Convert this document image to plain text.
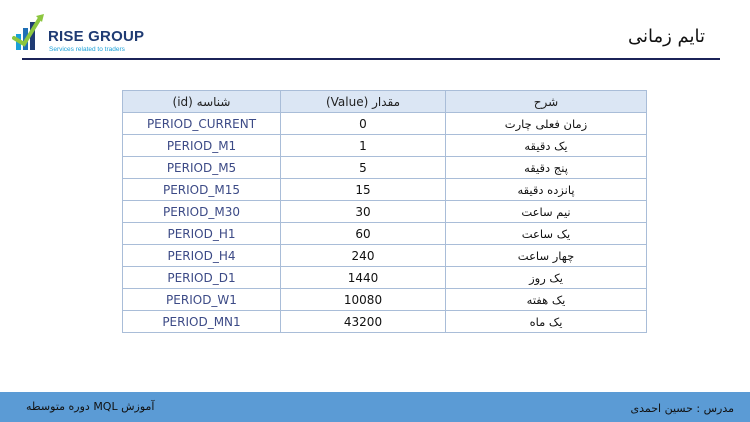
RISE GROUP
Services related to traders
تایم زمانی
شناسه (id)	مقدار (Value)	شرح
PERIOD_CURRENT	0	زمان فعلی چارت
PERIOD_M1	1	یک دقیقه
PERIOD_M5	5	پنج دقیقه
PERIOD_M15	15	پانزده دقیقه
PERIOD_M30	30	نیم ساعت
PERIOD_H1	60	یک ساعت
PERIOD_H4	240	چهار ساعت
PERIOD_D1	1440	یک روز
PERIOD_W1	10080	یک هفته
PERIOD_MN1	43200	یک ماه
آموزش MQL دوره متوسطه	مدرس : حسین احمدی
